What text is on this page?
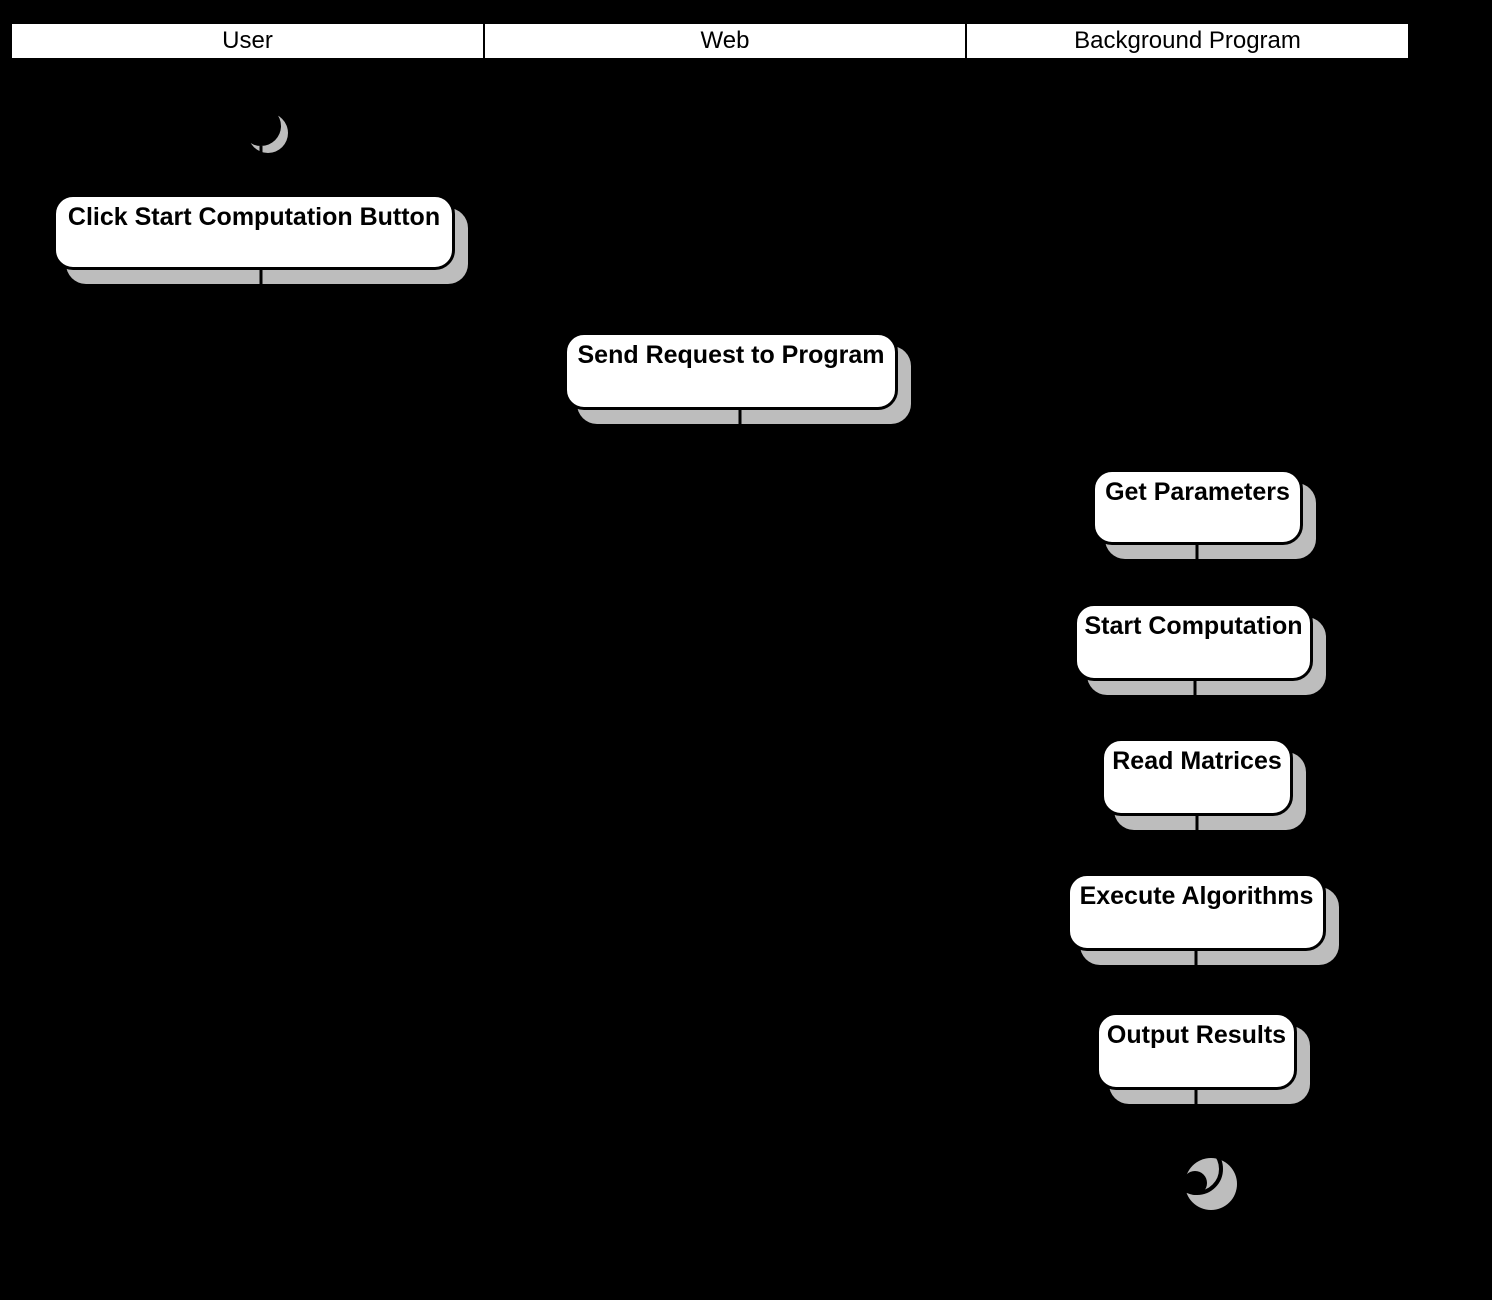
User	Web	Background Program
Click Start Computation Button
Send Request to Program
Get Parameters
Start Computation
Read Matrices
Execute Algorithms
Output Results
